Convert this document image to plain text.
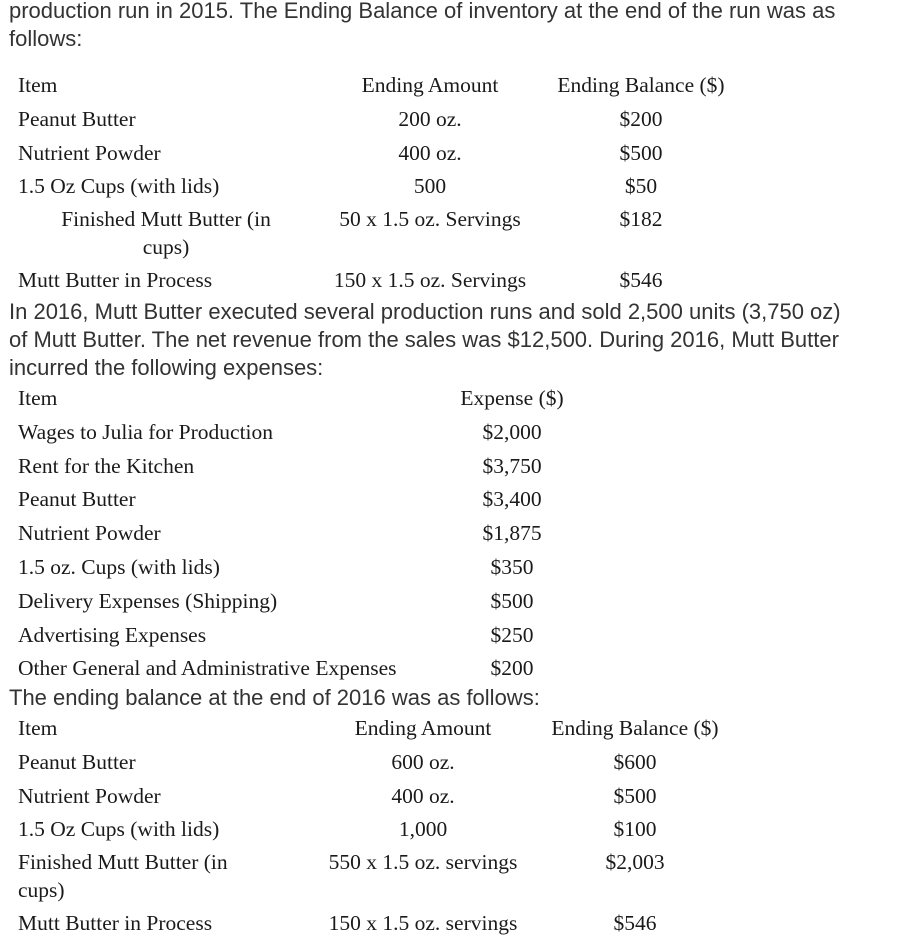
production run in 2015. The Ending Balance of inventory at the end of the run was as
follows:

Item	Ending Amount	Ending Balance ($)
Peanut Butter	200 oz.	$200
Nutrient Powder	400 oz.	$500
1.5 Oz Cups (with lids)	500	$50

Finished Mutt Butter (in
cups)	50 x 1.5 oz. Servings	$182
Mutt Butter in Process	150 x 1.5 oz. Servings	$546

In 2016, Mutt Butter executed several production runs and sold 2,500 units (3,750 oz)
of Mutt Butter. The net revenue from the sales was $12,500. During 2016, Mutt Butter
incurred the following expenses:

Item	Expense ($)
Wages to Julia for Production	$2,000
Rent for the Kitchen	$3,750
Peanut Butter	$3,400
Nutrient Powder	$1,875
1.5 oz. Cups (with lids)	$350
Delivery Expenses (Shipping)	$500
Advertising Expenses	$250
Other General and Administrative Expenses	$200

The ending balance at the end of 2016 was as follows:

Item	Ending Amount	Ending Balance ($)
Peanut Butter	600 oz.	$600
Nutrient Powder	400 oz.	$500
1.5 Oz Cups (with lids)	1,000	$100

Finished Mutt Butter (in
cups)	550 x 1.5 oz. servings	$2,003
Mutt Butter in Process	150 x 1.5 oz. servings	$546
